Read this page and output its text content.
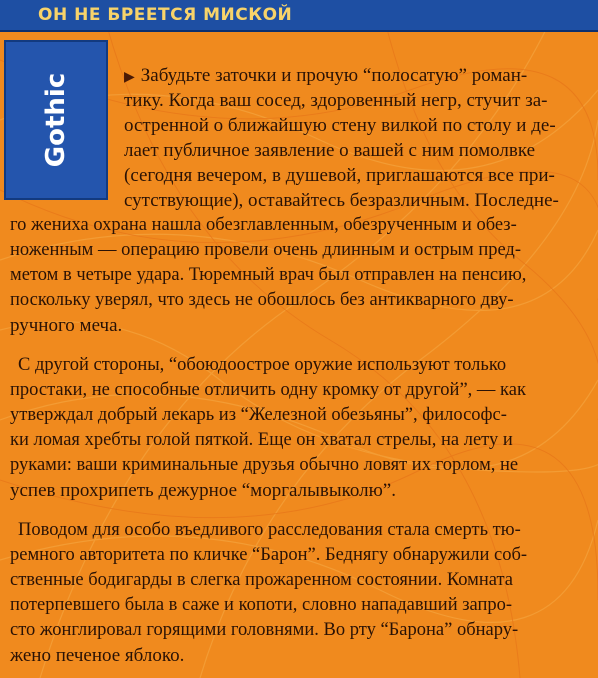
ОН НЕ БРЕЕТСЯ МИСКОЙ
Gothic	▶ Забудьте заточки и прочую “полосатую” роман-
тику. Когда ваш сосед, здоровенный негр, стучит за-
остренной о ближайшую стену вилкой по столу и де-
лает публичное заявление о вашей с ним помолвке
(сегодня вечером, в душевой, приглашаются все при-
сутствующие), оставайтесь безразличным. Последне-
го жениха охрана нашла обезглавленным, обезрученным и обез-
ноженным — операцию провели очень длинным и острым пред-
метом в четыре удара. Тюремный врач был отправлен на пенсию,
поскольку уверял, что здесь не обошлось без антикварного дву-
ручного меча.
С другой стороны, “обоюдоострое оружие используют только
простаки, не способные отличить одну кромку от другой”, — как
утверждал добрый лекарь из “Железной обезьяны”, философс-
ки ломая хребты голой пяткой. Еще он хватал стрелы, на лету и
руками: ваши криминальные друзья обычно ловят их горлом, не
успев прохрипеть дежурное “моргалывыколю”.
Поводом для особо въедливого расследования стала смерть тю-
ремного авторитета по кличке “Барон”. Беднягу обнаружили соб-
ственные бодигарды в слегка прожаренном состоянии. Комната
потерпевшего была в саже и копоти, словно нападавший запро-
сто жонглировал горящими головнями. Во рту “Барона” обнару-
жено печеное яблоко.
